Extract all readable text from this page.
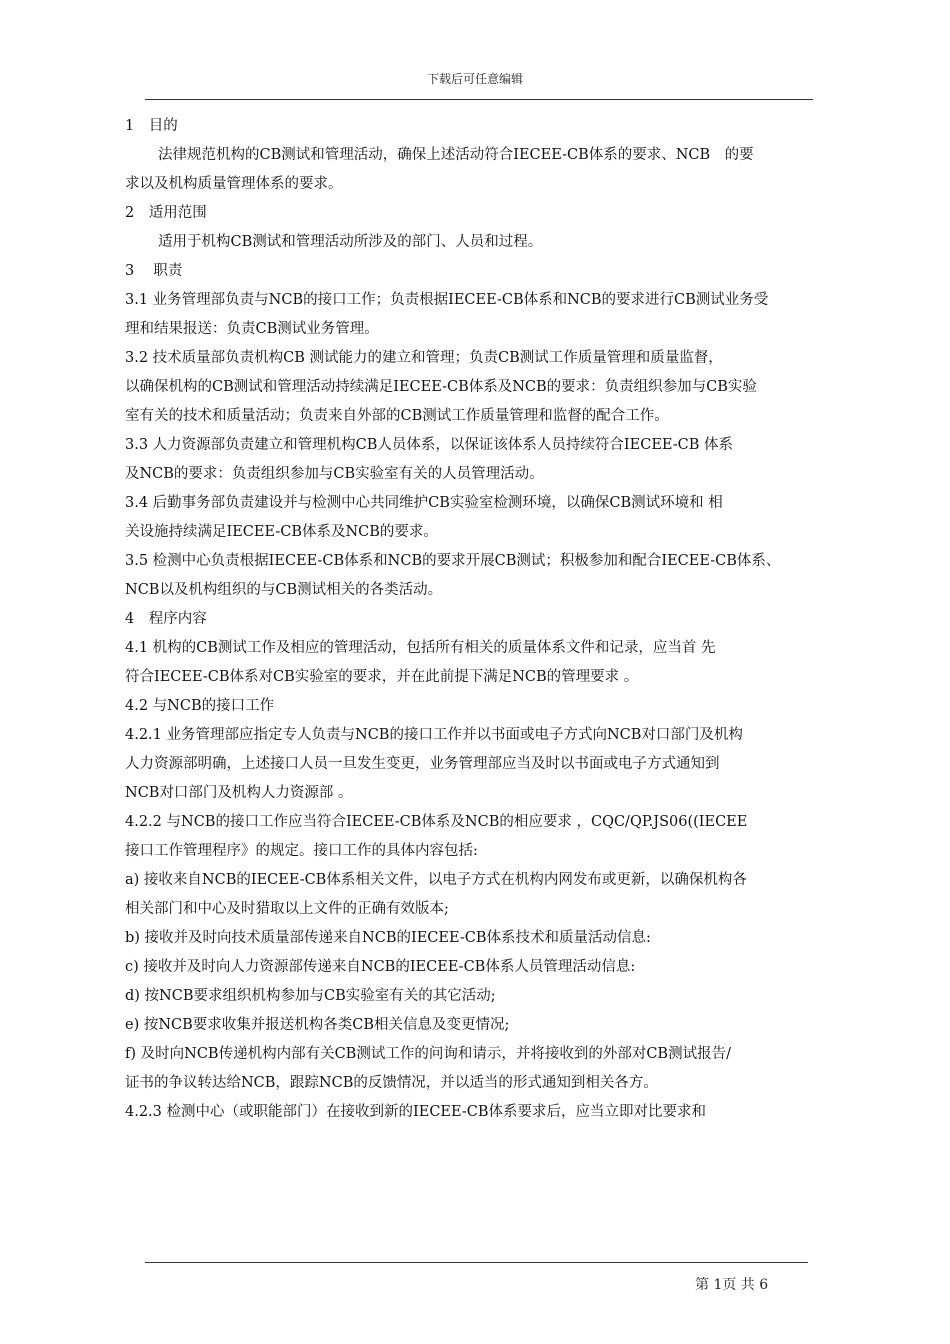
下载后可任意编辑
1　目的
法律规范机构的CB测试和管理活动，确保上述活动符合IECEE-CB体系的要求、NCB　的要
求以及机构质量管理体系的要求。
2　适用范围
适用于机构CB测试和管理活动所涉及的部门、人员和过程。
3　 职责
3.1 业务管理部负责与NCB的接口工作；负责根据IECEE-CB体系和NCB的要求进行CB测试业务受
理和结果报送：负责CB测试业务管理。
3.2 技术质量部负责机构CB 测试能力的建立和管理；负责CB测试工作质量管理和质量监督，
以确保机构的CB测试和管理活动持续满足IECEE-CB体系及NCB的要求：负责组织参加与CB实验
室有关的技术和质量活动；负责来自外部的CB测试工作质量管理和监督的配合工作。
3.3 人力资源部负责建立和管理机构CB人员体系，以保证该体系人员持续符合IECEE-CB 体系
及NCB的要求：负责组织参加与CB实验室有关的人员管理活动。
3.4 后勤事务部负责建设并与检测中心共同维护CB实验室检测环境，以确保CB测试环境和 相
关设施持续满足IECEE-CB体系及NCB的要求。
3.5 检测中心负责根据IECEE-CB体系和NCB的要求开展CB测试；积极参加和配合IECEE-CB体系、
NCB以及机构组织的与CB测试相关的各类活动。
4　程序内容
4.1 机构的CB测试工作及相应的管理活动，包括所有相关的质量体系文件和记录，应当首 先
符合IECEE-CB体系对CB实验室的要求，并在此前提下满足NCB的管理要求 。
4.2 与NCB的接口工作
4.2.1 业务管理部应指定专人负责与NCB的接口工作并以书面或电子方式向NCB对口部门及机构
人力资源部明确，上述接口人员一旦发生变更，业务管理部应当及时以书面或电子方式通知到
NCB对口部门及机构人力资源部 。
4.2.2 与NCB的接口工作应当符合IECEE-CB体系及NCB的相应要求 ，CQC/QP.JS06((IECEE
接口工作管理程序》的规定。接口工作的具体内容包括:
a) 接收来自NCB的IECEE-CB体系相关文件，以电子方式在机构内网发布或更新，以确保机构各
相关部门和中心及时猎取以上文件的正确有效版本;
b) 接收并及时向技术质量部传递来自NCB的IECEE-CB体系技术和质量活动信息:
c) 接收并及时向人力资源部传递来自NCB的IECEE-CB体系人员管理活动信息:
d) 按NCB要求组织机构参加与CB实验室有关的其它活动;
e) 按NCB要求收集并报送机构各类CB相关信息及变更情况;
f) 及时向NCB传递机构内部有关CB测试工作的问询和请示，并将接收到的外部对CB测试报告/
证书的争议转达给NCB，跟踪NCB的反馈情况，并以适当的形式通知到相关各方。
4.2.3 检测中心（或职能部门）在接收到新的IECEE-CB体系要求后，应当立即对比要求和
第 1页 共 6
